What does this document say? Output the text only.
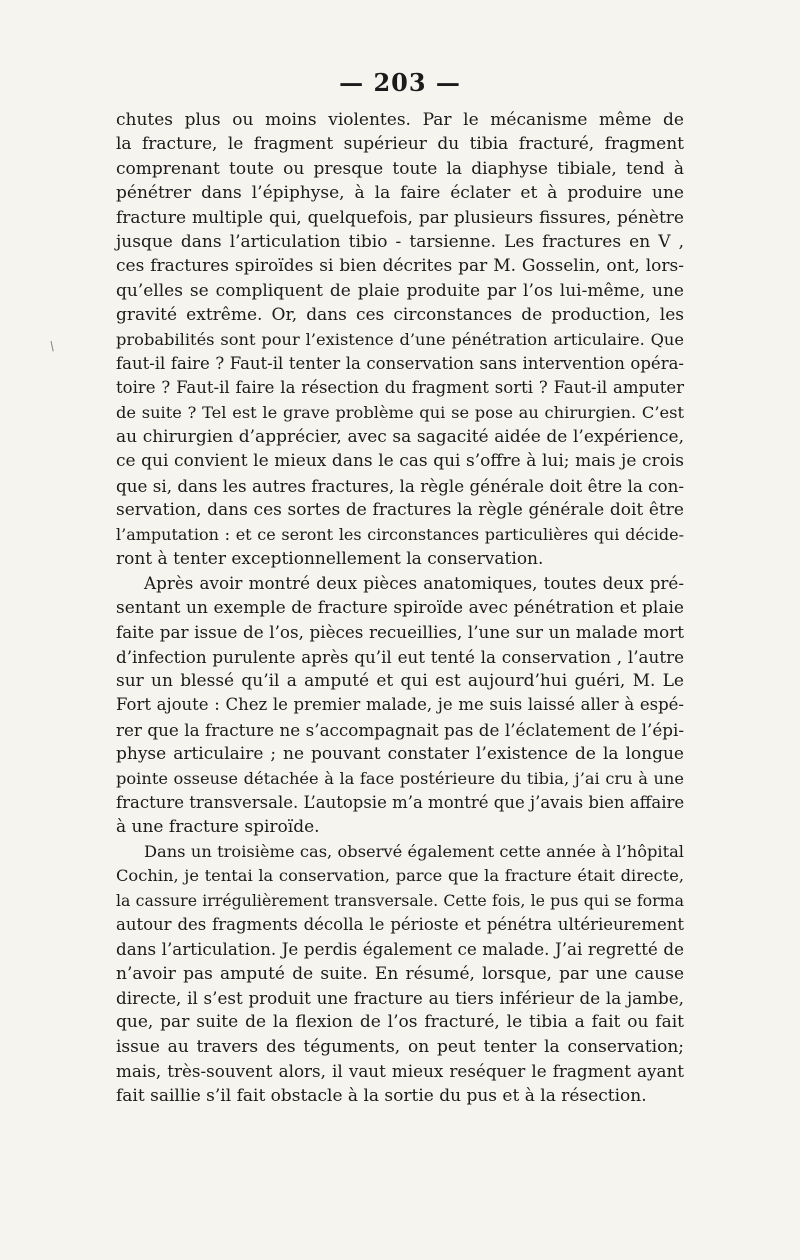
— 203 —
/
chutes plus ou moins violentes. Par le mécanisme même de
la fracture, le fragment supérieur du tibia fracturé, fragment
comprenant toute ou presque toute la diaphyse tibiale, tend à
pénétrer dans l’épiphyse, à la faire éclater et à produire une
fracture multiple qui, quelquefois, par plusieurs fissures, pénètre
jusque dans l’articulation tibio - tarsienne. Les fractures en V ,
ces fractures spiroïdes si bien décrites par M. Gosselin, ont, lors-
qu’elles se compliquent de plaie produite par l’os lui-même, une
gravité extrême. Or, dans ces circonstances de production, les
probabilités sont pour l’existence d’une pénétration articulaire. Que
faut-il faire ? Faut-il tenter la conservation sans intervention opéra-
toire ? Faut-il faire la résection du fragment sorti ? Faut-il amputer
de suite ? Tel est le grave problème qui se pose au chirurgien. C’est
au chirurgien d’apprécier, avec sa sagacité aidée de l’expérience,
ce qui convient le mieux dans le cas qui s’offre à lui; mais je crois
que si, dans les autres fractures, la règle générale doit être la con-
servation, dans ces sortes de fractures la règle générale doit être
l’amputation : et ce seront les circonstances particulières qui décide-
ront à tenter exceptionnellement la conservation.
Après avoir montré deux pièces anatomiques, toutes deux pré-
sentant un exemple de fracture spiroïde avec pénétration et plaie
faite par issue de l’os, pièces recueillies, l’une sur un malade mort
d’infection purulente après qu’il eut tenté la conservation , l’autre
sur un blessé qu’il a amputé et qui est aujourd’hui guéri, M. Le
Fort ajoute : Chez le premier malade, je me suis laissé aller à espé-
rer que la fracture ne s’accompagnait pas de l’éclatement de l’épi-
physe articulaire ; ne pouvant constater l’existence de la longue
pointe osseuse détachée à la face postérieure du tibia, j’ai cru à une
fracture transversale. L’autopsie m’a montré que j’avais bien affaire
à une fracture spiroïde.
Dans un troisième cas, observé également cette année à l’hôpital
Cochin, je tentai la conservation, parce que la fracture était directe,
la cassure irrégulièrement transversale. Cette fois, le pus qui se forma
autour des fragments décolla le périoste et pénétra ultérieurement
dans l’articulation. Je perdis également ce malade. J’ai regretté de
n’avoir pas amputé de suite. En résumé, lorsque, par une cause
directe, il s’est produit une fracture au tiers inférieur de la jambe,
que, par suite de la flexion de l’os fracturé, le tibia a fait ou fait
issue au travers des téguments, on peut tenter la conservation;
mais, très-souvent alors, il vaut mieux reséquer le fragment ayant
fait saillie s’il fait obstacle à la sortie du pus et à la résection.
